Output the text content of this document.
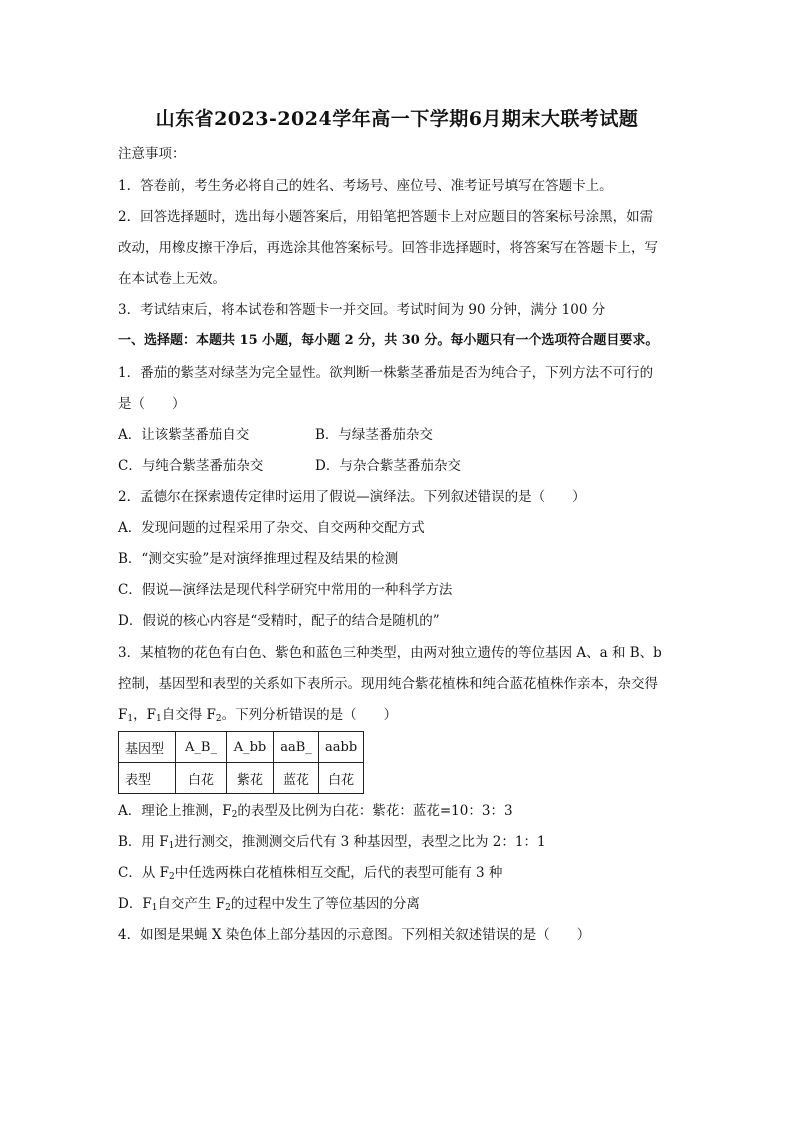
山东省2023-2024学年高一下学期6月期末大联考试题
注意事项：
1．答卷前，考生务必将自己的姓名、考场号、座位号、准考证号填写在答题卡上。
2．回答选择题时，选出每小题答案后，用铅笔把答题卡上对应题目的答案标号涂黑，如需
改动，用橡皮擦干净后，再选涂其他答案标号。回答非选择题时，将答案写在答题卡上，写
在本试卷上无效。
3．考试结束后，将本试卷和答题卡一并交回。考试时间为 90 分钟，满分 100 分
一、选择题：本题共 15 小题，每小题 2 分，共 30 分。每小题只有一个选项符合题目要求。
1．番茄的紫茎对绿茎为完全显性。欲判断一株紫茎番茄是否为纯合子，下列方法不可行的
是（　　）
A．让该紫茎番茄自交	B．与绿茎番茄杂交
C．与纯合紫茎番茄杂交	D．与杂合紫茎番茄杂交
2．孟德尔在探索遗传定律时运用了假说—演绎法。下列叙述错误的是（　　）
A．发现问题的过程采用了杂交、自交两种交配方式
B．“测交实验”是对演绎推理过程及结果的检测
C．假说—演绎法是现代科学研究中常用的一种科学方法
D．假说的核心内容是“受精时，配子的结合是随机的”
3．某植物的花色有白色、紫色和蓝色三种类型，由两对独立遗传的等位基因 A、a 和 B、b
控制，基因型和表型的关系如下表所示。现用纯合紫花植株和纯合蓝花植株作亲本，杂交得
$F_1$，$F_1$自交得 $F_2$。下列分析错误的是（　　）
基因型	A_B_	A_bb	aaB_	aabb
表型	白花	紫花	蓝花	白花
A．理论上推测，$F_2$的表型及比例为白花：紫花：蓝花=10：3：3
B．用 $F_1$进行测交，推测测交后代有 3 种基因型，表型之比为 2：1：1
C．从 $F_2$中任选两株白花植株相互交配，后代的表型可能有 3 种
D．$F_1$自交产生 $F_2$的过程中发生了等位基因的分离
4．如图是果蝇 X 染色体上部分基因的示意图。下列相关叙述错误的是（　　）
